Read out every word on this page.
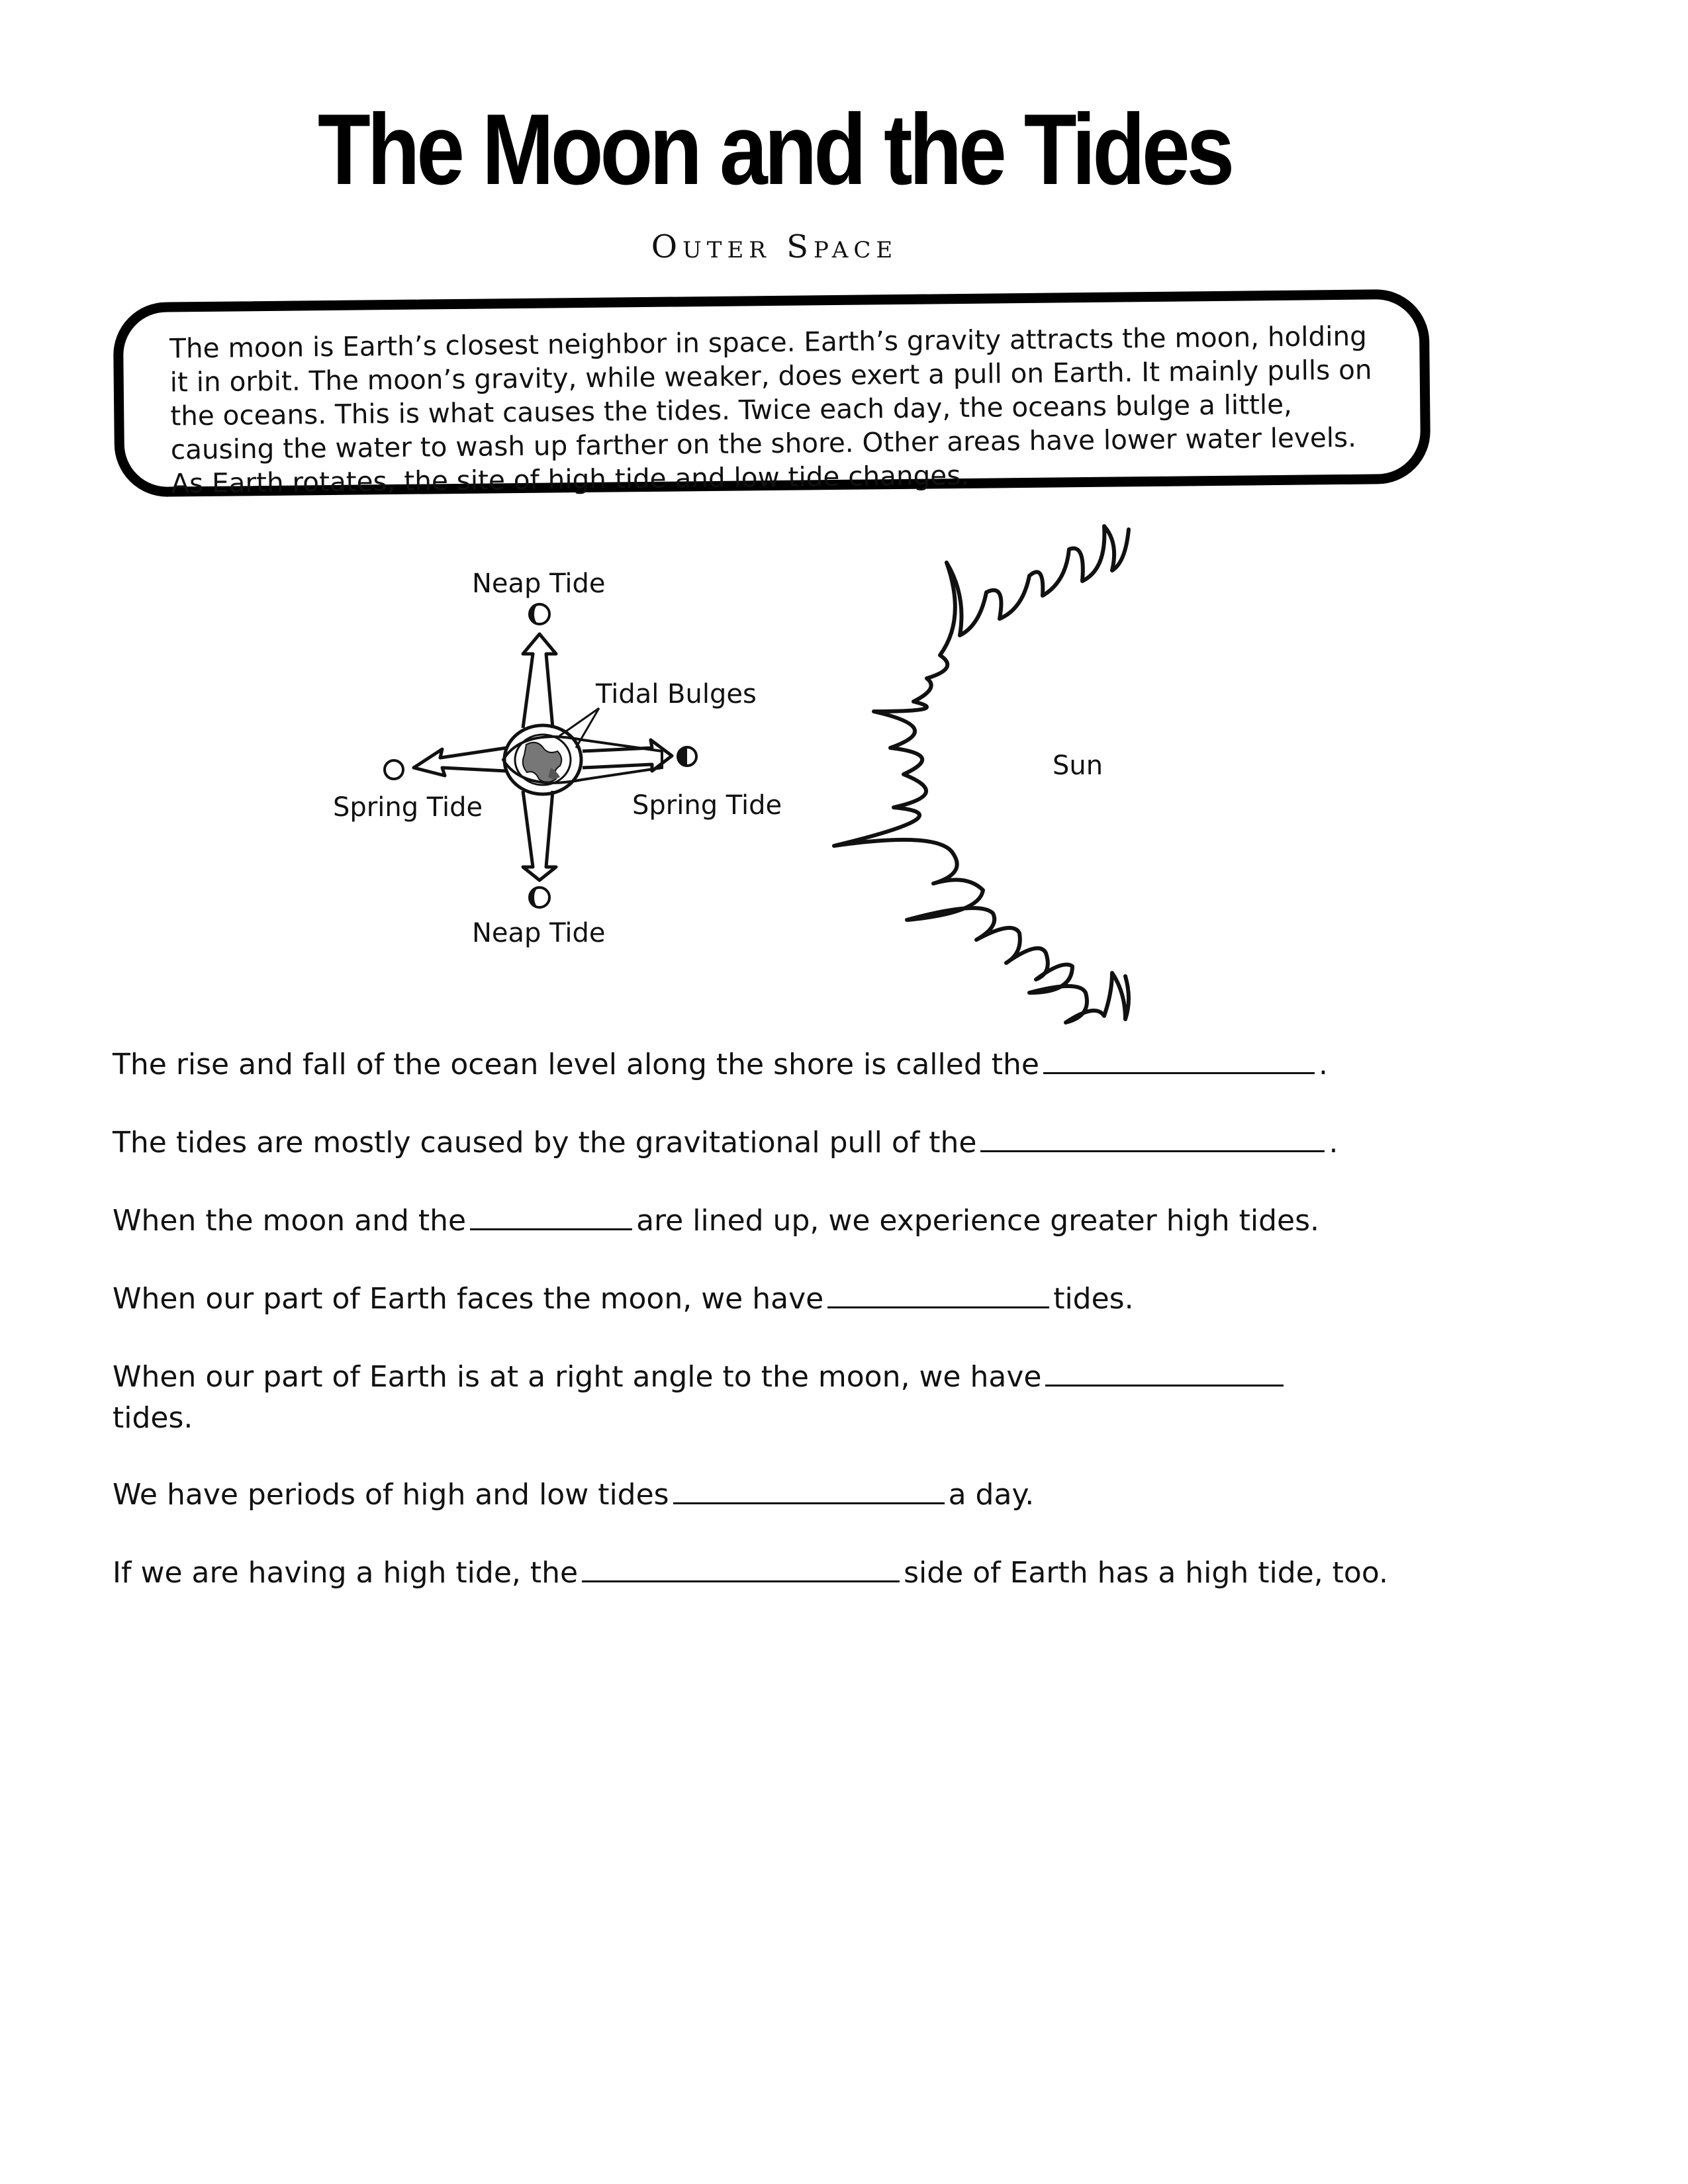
The Moon and the Tides
Outer Space

The moon is Earth’s closest neighbor in space. Earth’s gravity attracts the moon, holding it in orbit. The moon’s gravity, while weaker, does exert a pull on Earth. It mainly pulls on the oceans. This is what causes the tides. Twice each day, the oceans bulge a little, causing the water to wash up farther on the shore. Other areas have lower water levels. As Earth rotates, the site of high tide and low tide changes.

Neap Tide
Tidal Bulges
Spring Tide	Spring Tide
Neap Tide
Sun

The rise and fall of the ocean level along the shore is called the	.

The tides are mostly caused by the gravitational pull of the	.

When the moon and the	are lined up, we experience greater high tides.

When our part of Earth faces the moon, we have	tides.

When our part of Earth is at a right angle to the moon, we have
tides.

We have periods of high and low tides	a day.

If we are having a high tide, the	side of Earth has a high tide, too.
